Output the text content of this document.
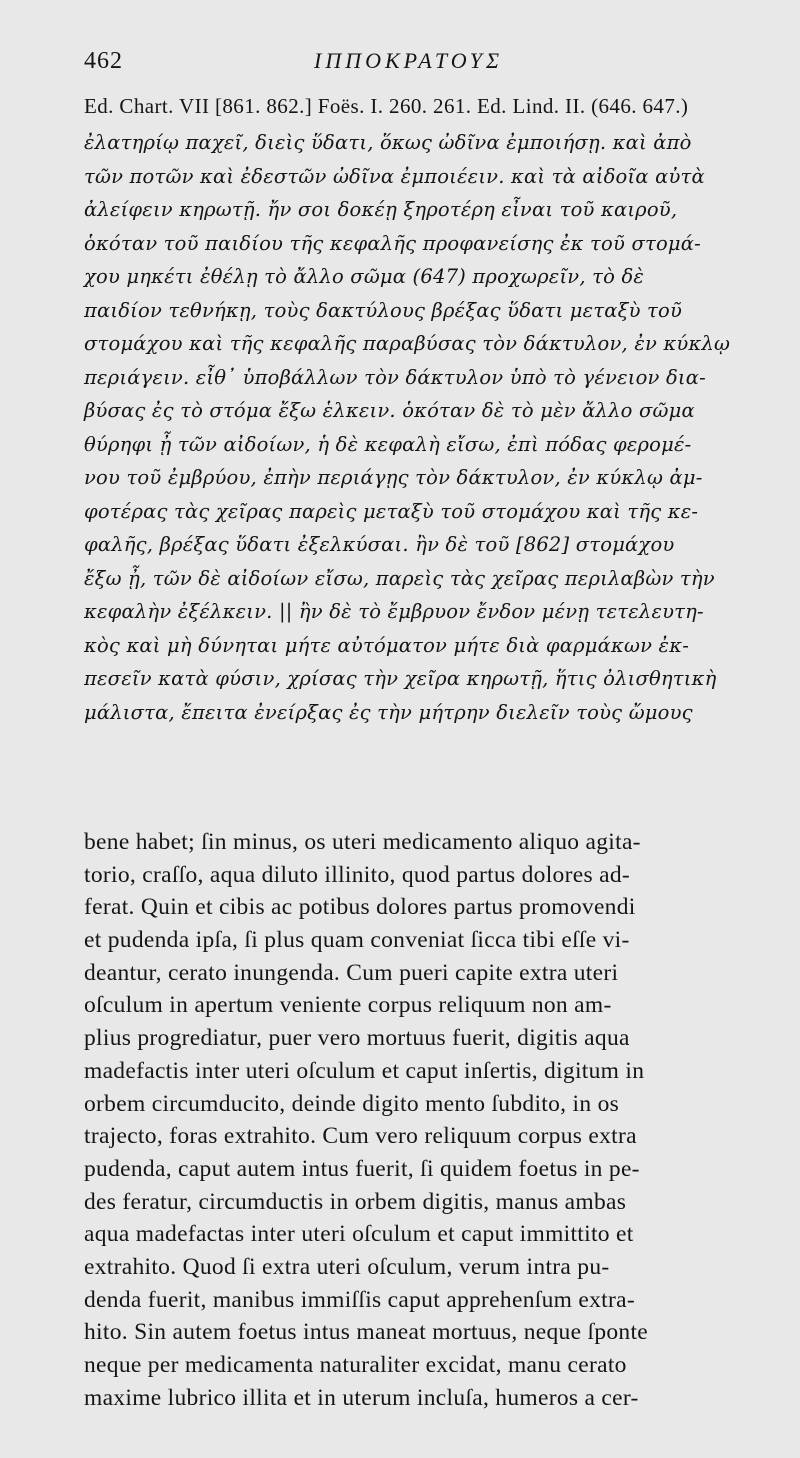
462	ΙΠΠΟΚΡΑΤΟΥΣ
Ed. Chart. VII [861. 862.] Foës. I. 260. 261. Ed. Lind. II. (646. 647.)
ἐλατηρίῳ παχεῖ, διεὶς ὕδατι, ὅκως ὠδῖνα ἐμποιήσῃ. καὶ ἀπὸ
τῶν ποτῶν καὶ ἐδεστῶν ὠδῖνα ἐμποιέειν. καὶ τὰ αἰδοῖα αὐτὰ
ἀλείφειν κηρωτῇ. ἤν σοι δοκέῃ ξηροτέρη εἶναι τοῦ καιροῦ,
ὁκόταν τοῦ παιδίου τῆς κεφαλῆς προφανείσης ἐκ τοῦ στομά-
χου μηκέτι ἐθέλῃ τὸ ἄλλο σῶμα (647) προχωρεῖν, τὸ δὲ
παιδίον τεθνήκῃ, τοὺς δακτύλους βρέξας ὕδατι μεταξὺ τοῦ
στομάχου καὶ τῆς κεφαλῆς παραβύσας τὸν δάκτυλον, ἐν κύκλῳ
περιάγειν. εἶθ᾽ ὑποβάλλων τὸν δάκτυλον ὑπὸ τὸ γένειον δια-
βύσας ἐς τὸ στόμα ἔξω ἑλκειν. ὁκόταν δὲ τὸ μὲν ἄλλο σῶμα
θύρηφι ᾖ τῶν αἰδοίων, ἡ δὲ κεφαλὴ εἴσω, ἐπὶ πόδας φερομέ-
νου τοῦ ἐμβρύου, ἐπὴν περιάγῃς τὸν δάκτυλον, ἐν κύκλῳ ἀμ-
φοτέρας τὰς χεῖρας παρεὶς μεταξὺ τοῦ στομάχου καὶ τῆς κε-
φαλῆς, βρέξας ὕδατι ἐξελκύσαι. ἢν δὲ τοῦ [862] στομάχου
ἔξω ᾖ, τῶν δὲ αἰδοίων εἴσω, παρεὶς τὰς χεῖρας περιλαβὼν τὴν
κεφαλὴν ἐξέλκειν. || ἢν δὲ τὸ ἔμβρυον ἔνδον μένῃ τετελευτη-
κὸς καὶ μὴ δύνηται μήτε αὐτόματον μήτε διὰ φαρμάκων ἐκ-
πεσεῖν κατὰ φύσιν, χρίσας τὴν χεῖρα κηρωτῇ, ἥτις ὀλισθητικὴ
μάλιστα, ἔπειτα ἐνείρξας ἐς τὴν μήτρην διελεῖν τοὺς ὤμους
bene habet; ſin minus, os uteri medicamento aliquo agita-
torio, craſſo, aqua diluto illinito, quod partus dolores ad-
ferat. Quin et cibis ac potibus dolores partus promovendi
et pudenda ipſa, ſi plus quam conveniat ſicca tibi eſſe vi-
deantur, cerato inungenda. Cum pueri capite extra uteri
oſculum in apertum veniente corpus reliquum non am-
plius progrediatur, puer vero mortuus fuerit, digitis aqua
madefactis inter uteri oſculum et caput inſertis, digitum in
orbem circumducito, deinde digito mento ſubdito, in os
trajecto, foras extrahito. Cum vero reliquum corpus extra
pudenda, caput autem intus fuerit, ſi quidem foetus in pe-
des feratur, circumductis in orbem digitis, manus ambas
aqua madefactas inter uteri oſculum et caput immittito et
extrahito. Quod ſi extra uteri oſculum, verum intra pu-
denda fuerit, manibus immiſſis caput apprehenſum extra-
hito. Sin autem foetus intus maneat mortuus, neque ſponte
neque per medicamenta naturaliter excidat, manu cerato
maxime lubrico illita et in uterum incluſa, humeros a cer-
